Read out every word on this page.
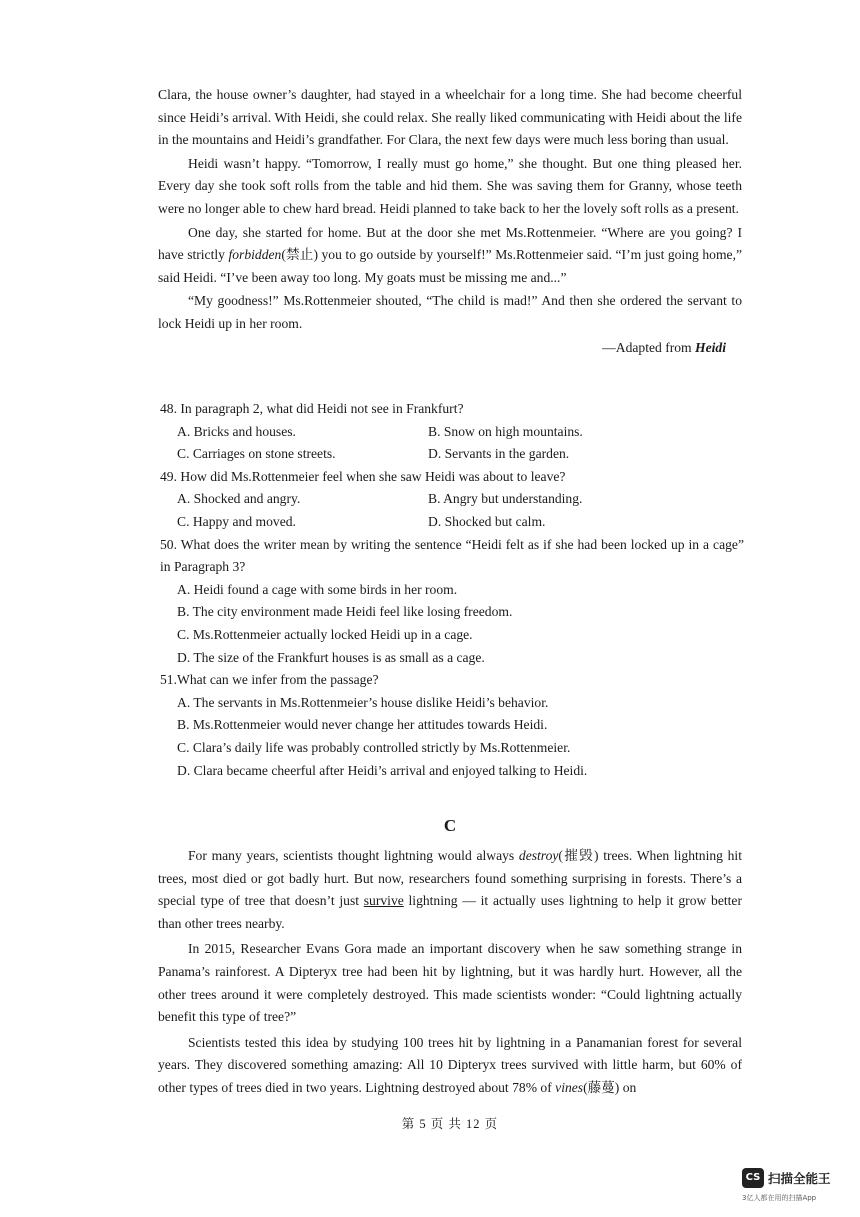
Clara, the house owner’s daughter, had stayed in a wheelchair for a long time. She had become cheerful since Heidi’s arrival. With Heidi, she could relax. She really liked communicating with Heidi about the life in the mountains and Heidi’s grandfather. For Clara, the next few days were much less boring than usual.

Heidi wasn’t happy. “Tomorrow, I really must go home,” she thought. But one thing pleased her. Every day she took soft rolls from the table and hid them. She was saving them for Granny, whose teeth were no longer able to chew hard bread. Heidi planned to take back to her the lovely soft rolls as a present.

One day, she started for home. But at the door she met Ms.Rottenmeier. “Where are you going? I have strictly forbidden(禁止) you to go outside by yourself!” Ms.Rottenmeier said. “I’m just going home,” said Heidi. “I’ve been away too long. My goats must be missing me and...”

“My goodness!” Ms.Rottenmeier shouted, “The child is mad!” And then she ordered the servant to lock Heidi up in her room.

—Adapted from Heidi

48. In paragraph 2, what did Heidi not see in Frankfurt?
A. Bricks and houses.	B. Snow on high mountains.
C. Carriages on stone streets.	D. Servants in the garden.
49. How did Ms.Rottenmeier feel when she saw Heidi was about to leave?
A. Shocked and angry.	B. Angry but understanding.
C. Happy and moved.	D. Shocked but calm.
50. What does the writer mean by writing the sentence “Heidi felt as if she had been locked up in a cage” in Paragraph 3?
A. Heidi found a cage with some birds in her room.
B. The city environment made Heidi feel like losing freedom.
C. Ms.Rottenmeier actually locked Heidi up in a cage.
D. The size of the Frankfurt houses is as small as a cage.
51.What can we infer from the passage?
A. The servants in Ms.Rottenmeier’s house dislike Heidi’s behavior.
B. Ms.Rottenmeier would never change her attitudes towards Heidi.
C. Clara’s daily life was probably controlled strictly by Ms.Rottenmeier.
D. Clara became cheerful after Heidi’s arrival and enjoyed talking to Heidi.
C

For many years, scientists thought lightning would always destroy(摧毁) trees. When lightning hit trees, most died or got badly hurt. But now, researchers found something surprising in forests. There’s a special type of tree that doesn’t just survive lightning — it actually uses lightning to help it grow better than other trees nearby.

In 2015, Researcher Evans Gora made an important discovery when he saw something strange in Panama’s rainforest. A Dipteryx tree had been hit by lightning, but it was hardly hurt. However, all the other trees around it were completely destroyed. This made scientists wonder: “Could lightning actually benefit this type of tree?”

Scientists tested this idea by studying 100 trees hit by lightning in a Panamanian forest for several years. They discovered something amazing: All 10 Dipteryx trees survived with little harm, but 60% of other types of trees died in two years. Lightning destroyed about 78% of vines(藤蔓) on

第 5 页 共 12 页
CS 扫描全能王
3亿人都在用的扫描App
